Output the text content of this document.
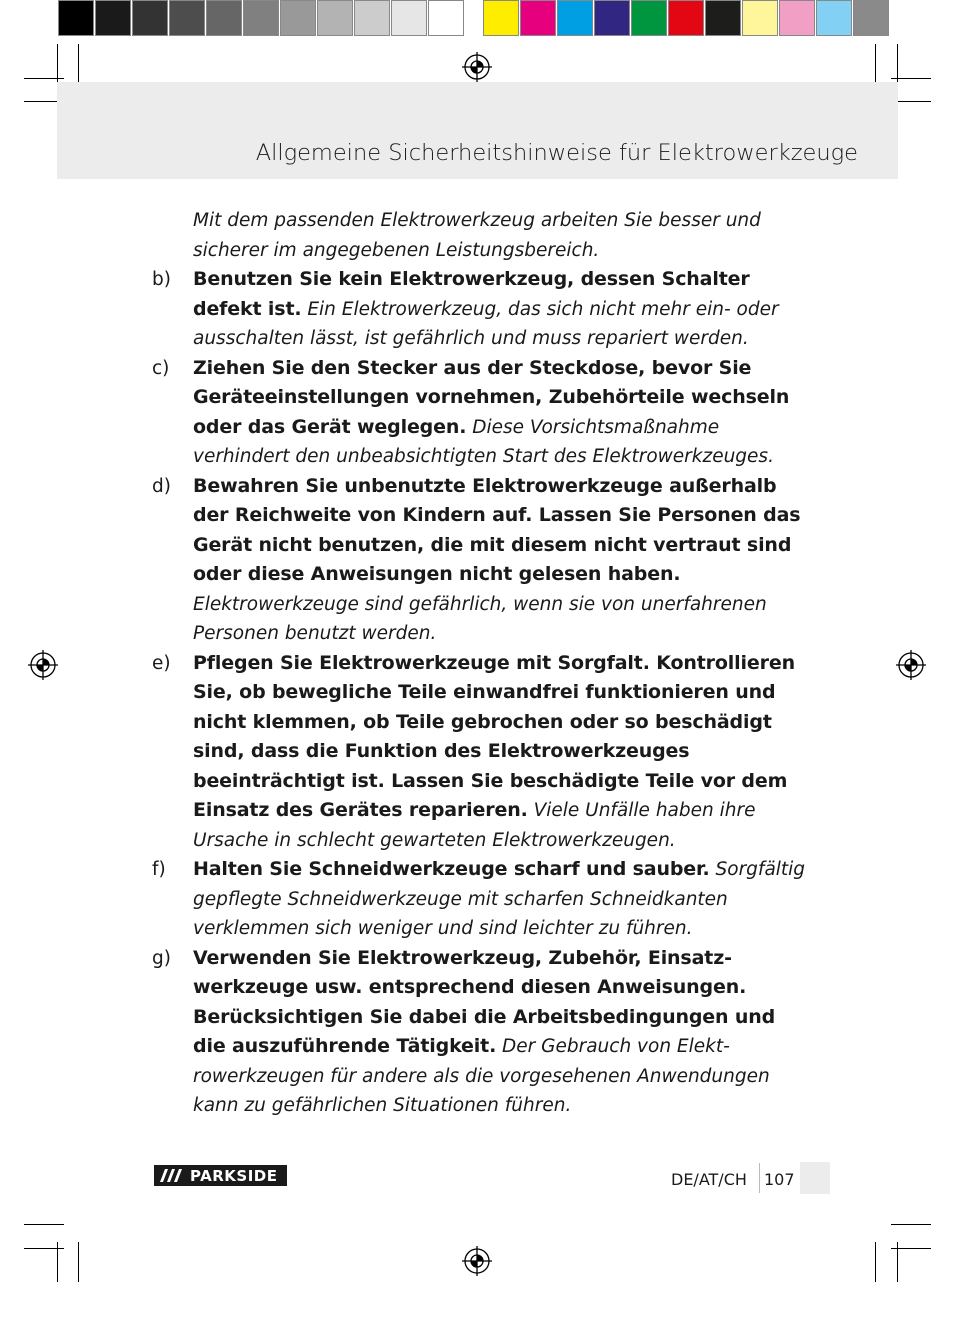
Allgemeine Sicherheitshinweise für Elektrowerkzeuge

Mit dem passenden Elektrowerkzeug arbeiten Sie besser und sicherer im angegebenen Leistungsbereich.

b) Benutzen Sie kein Elektrowerkzeug, dessen Schalter defekt ist. Ein Elektrowerkzeug, das sich nicht mehr ein- oder ausschalten lässt, ist gefährlich und muss repariert werden.

c) Ziehen Sie den Stecker aus der Steckdose, bevor Sie Geräteeinstellungen vornehmen, Zubehörteile wechseln oder das Gerät weglegen. Diese Vorsichtsmaßnahme verhindert den unbeabsichtigten Start des Elektrowerkzeuges.

d) Bewahren Sie unbenutzte Elektrowerkzeuge außerhalb der Reichweite von Kindern auf. Lassen Sie Personen das Gerät nicht benutzen, die mit diesem nicht vertraut sind oder diese Anweisungen nicht gelesen haben. Elektrowerkzeuge sind gefährlich, wenn sie von unerfahrenen Personen benutzt werden.

e) Pflegen Sie Elektrowerkzeuge mit Sorgfalt. Kontrollieren Sie, ob bewegliche Teile einwandfrei funktionieren und nicht klemmen, ob Teile gebrochen oder so beschädigt sind, dass die Funktion des Elektrowerkzeuges beeinträchtigt ist. Lassen Sie beschädigte Teile vor dem Einsatz des Gerätes reparieren. Viele Unfälle haben ihre Ursache in schlecht gewarteten Elektrowerkzeugen.

f) Halten Sie Schneidwerkzeuge scharf und sauber. Sorgfältig gepflegte Schneidwerkzeuge mit scharfen Schneidkanten verklemmen sich weniger und sind leichter zu führen.

g) Verwenden Sie Elektrowerkzeug, Zubehör, Einsatzwerkzeuge usw. entsprechend diesen Anweisungen. Berücksichtigen Sie dabei die Arbeitsbedingungen und die auszuführende Tätigkeit. Der Gebrauch von Elektrowerkzeugen für andere als die vorgesehenen Anwendungen kann zu gefährlichen Situationen führen.

PARKSIDE	DE/AT/CH 107
